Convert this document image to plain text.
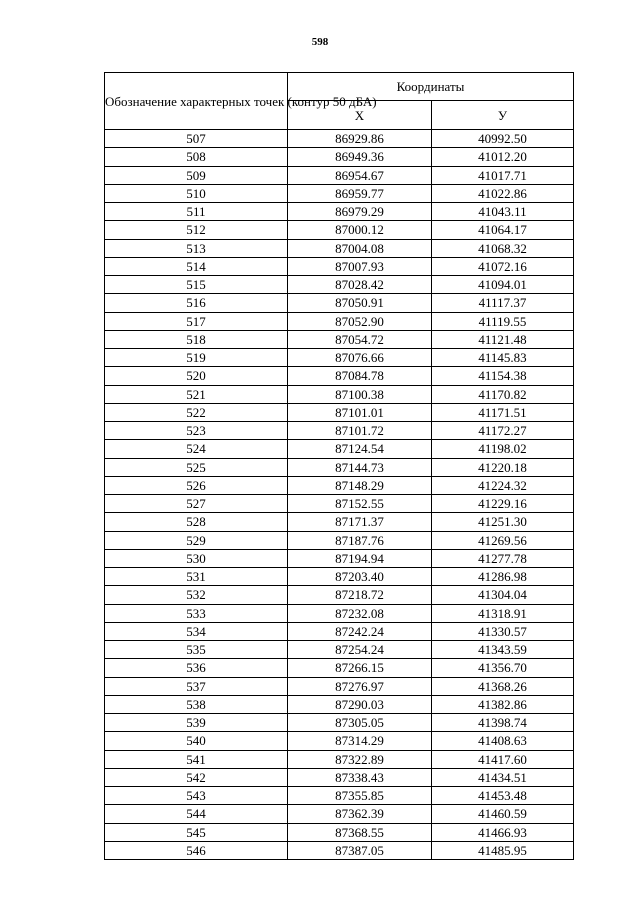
598
Обозначение характерных точек (контур 50 дБА)	Координаты	
	X	У
507	86929.86	40992.50
508	86949.36	41012.20
509	86954.67	41017.71
510	86959.77	41022.86
511	86979.29	41043.11
512	87000.12	41064.17
513	87004.08	41068.32
514	87007.93	41072.16
515	87028.42	41094.01
516	87050.91	41117.37
517	87052.90	41119.55
518	87054.72	41121.48
519	87076.66	41145.83
520	87084.78	41154.38
521	87100.38	41170.82
522	87101.01	41171.51
523	87101.72	41172.27
524	87124.54	41198.02
525	87144.73	41220.18
526	87148.29	41224.32
527	87152.55	41229.16
528	87171.37	41251.30
529	87187.76	41269.56
530	87194.94	41277.78
531	87203.40	41286.98
532	87218.72	41304.04
533	87232.08	41318.91
534	87242.24	41330.57
535	87254.24	41343.59
536	87266.15	41356.70
537	87276.97	41368.26
538	87290.03	41382.86
539	87305.05	41398.74
540	87314.29	41408.63
541	87322.89	41417.60
542	87338.43	41434.51
543	87355.85	41453.48
544	87362.39	41460.59
545	87368.55	41466.93
546	87387.05	41485.95
